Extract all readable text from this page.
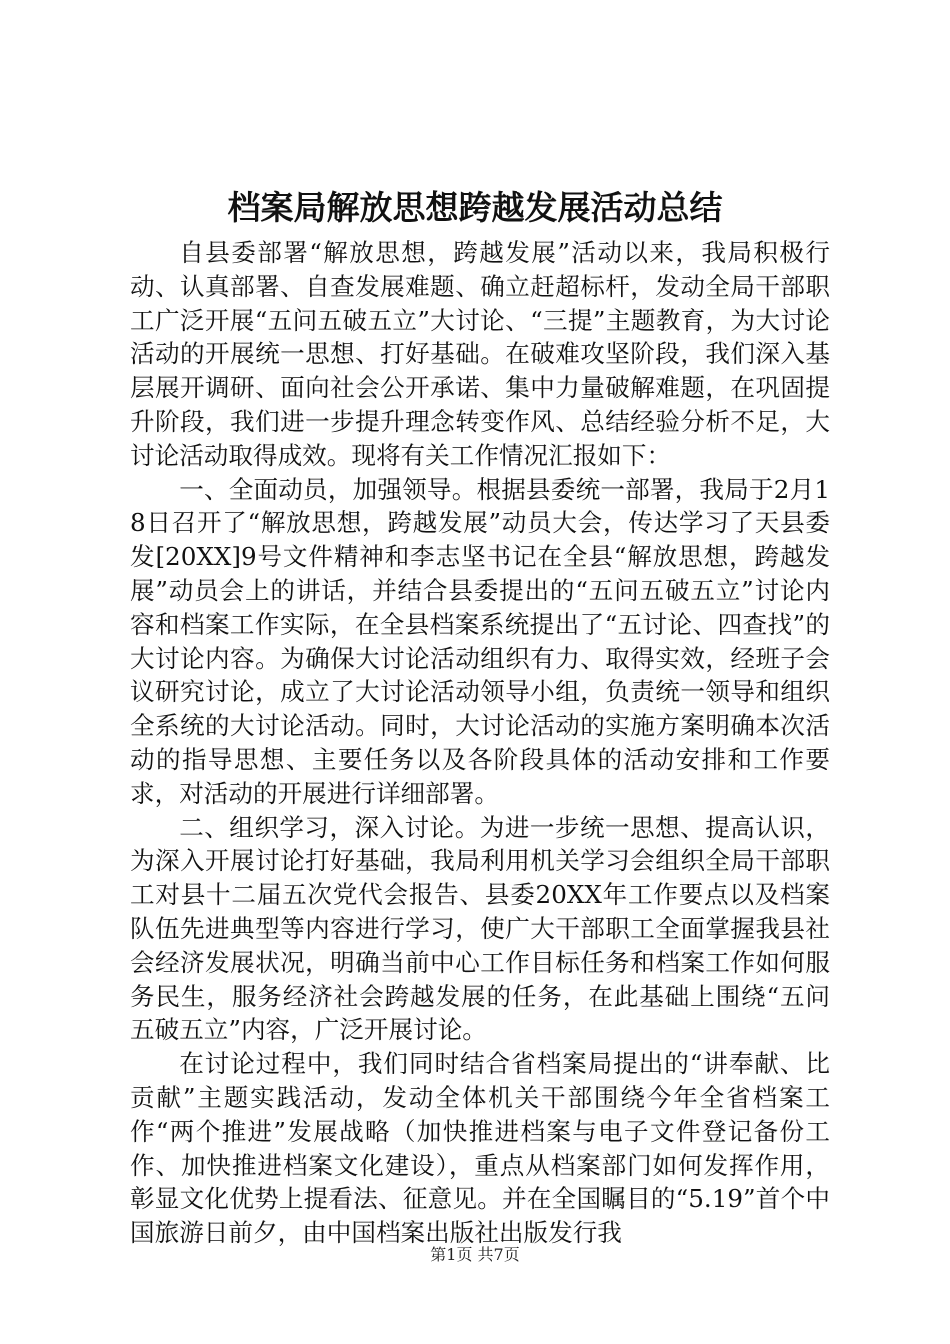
档案局解放思想跨越发展活动总结

自县委部署“解放思想，跨越发展”活动以来，我局积极行动、认真部署、自查发展难题、确立赶超标杆，发动全局干部职工广泛开展“五问五破五立”大讨论、“三提”主题教育，为大讨论活动的开展统一思想、打好基础。在破难攻坚阶段，我们深入基层展开调研、面向社会公开承诺、集中力量破解难题，在巩固提升阶段，我们进一步提升理念转变作风、总结经验分析不足，大讨论活动取得成效。现将有关工作情况汇报如下：

一、全面动员，加强领导。根据县委统一部署，我局于2月18日召开了“解放思想，跨越发展”动员大会，传达学习了天县委发[20XX]9号文件精神和李志坚书记在全县“解放思想，跨越发展”动员会上的讲话，并结合县委提出的“五问五破五立”讨论内容和档案工作实际，在全县档案系统提出了“五讨论、四查找”的大讨论内容。为确保大讨论活动组织有力、取得实效，经班子会议研究讨论，成立了大讨论活动领导小组，负责统一领导和组织全系统的大讨论活动。同时，大讨论活动的实施方案明确本次活动的指导思想、主要任务以及各阶段具体的活动安排和工作要求，对活动的开展进行详细部署。

二、组织学习，深入讨论。为进一步统一思想、提高认识，为深入开展讨论打好基础，我局利用机关学习会组织全局干部职工对县十二届五次党代会报告、县委20XX年工作要点以及档案队伍先进典型等内容进行学习，使广大干部职工全面掌握我县社会经济发展状况，明确当前中心工作目标任务和档案工作如何服务民生，服务经济社会跨越发展的任务，在此基础上围绕“五问五破五立”内容，广泛开展讨论。

在讨论过程中，我们同时结合省档案局提出的“讲奉献、比贡献”主题实践活动，发动全体机关干部围绕今年全省档案工作“两个推进”发展战略（加快推进档案与电子文件登记备份工作、加快推进档案文化建设），重点从档案部门如何发挥作用，彰显文化优势上提看法、征意见。并在全国瞩目的“5.19”首个中国旅游日前夕，由中国档案出版社出版发行我

第1页 共7页
